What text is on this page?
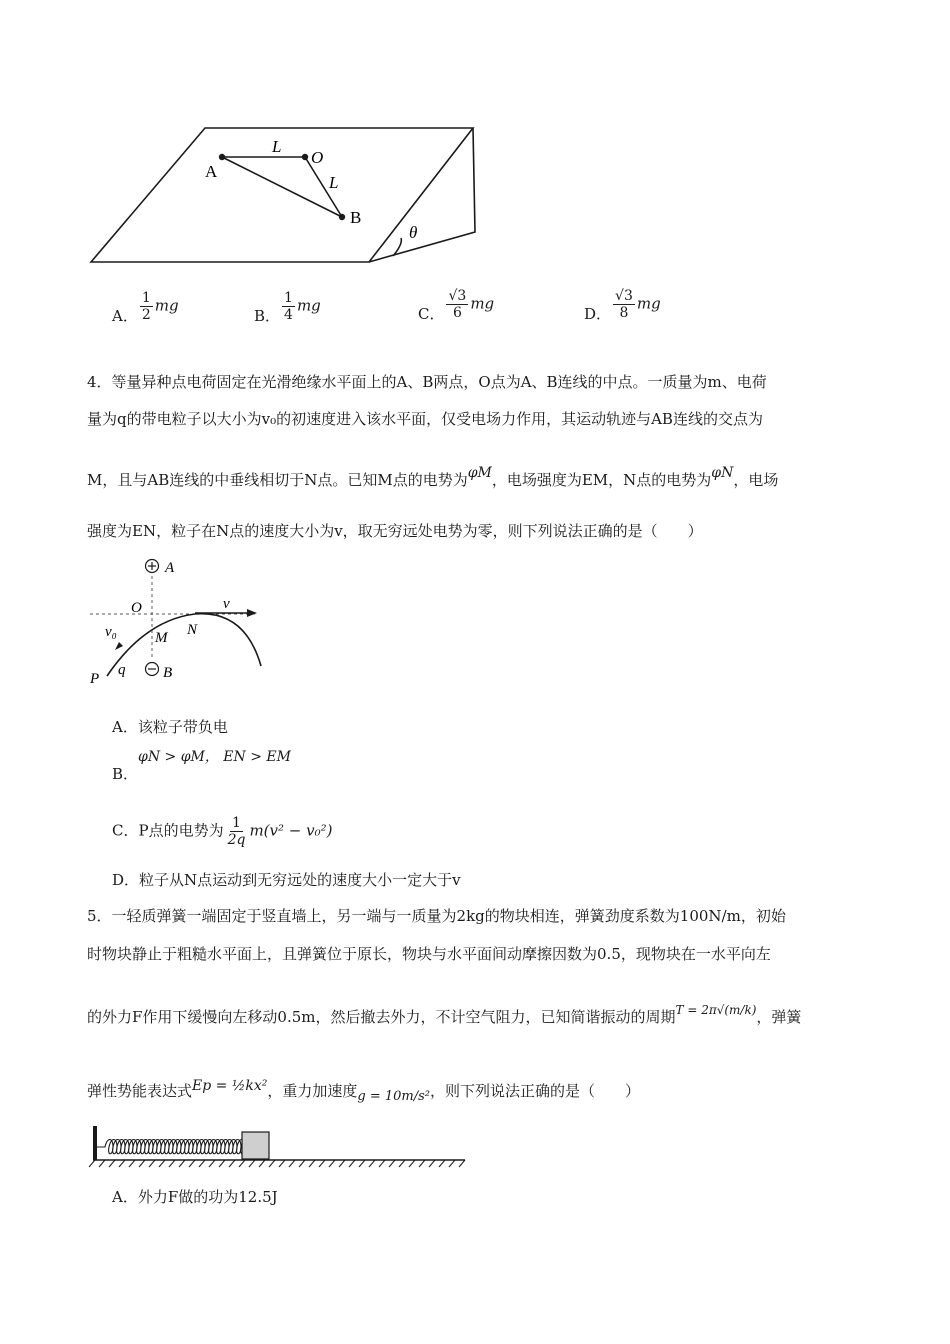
A
L
O
L
B
θ
A． $\frac{1}{2}$ mg
B． $\frac{1}{4}$ mg	C． $\frac{√3}{6}$ mg
D． $\frac{√3}{8}$ mg
4．等量异种点电荷固定在光滑绝缘水平面上的A、B两点，O点为A、B连线的中点。一质量为m、电荷
量为q的带电粒子以大小为v₀的初速度进入该水平面，仅受电场力作用，其运动轨迹与AB连线的交点为
M，且与AB连线的中垂线相切于N点。已知M点的电势为φM，电场强度为EM，N点的电势为φN，电场
强度为EN，粒子在N点的速度大小为v，取无穷远处电势为零，则下列说法正确的是（　　）
A
O	v
v₀	M N
B
P
q
A．该粒子带负电
B．φN > φM， EN > EM
C．P点的电势为 $\frac{1}{2q} m(v^2 - v_0^2)$
D．粒子从N点运动到无穷远处的速度大小一定大于v
5．一轻质弹簧一端固定于竖直墙上，另一端与一质量为2kg的物块相连，弹簧劲度系数为100N/m，初始
时物块静止于粗糙水平面上，且弹簧位于原长，物块与水平面间动摩擦因数为0.5，现物块在一水平向左
的外力F作用下缓慢向左移动0.5m，然后撤去外力，不计空气阻力，已知简谐振动的周期$^{T = 2\pi√(m/k)}$，弹簧
弹性势能表达式Ep = ½kx²，重力加速度g = 10m/s²，则下列说法正确的是（　　）
A．外力F做的功为12.5J
